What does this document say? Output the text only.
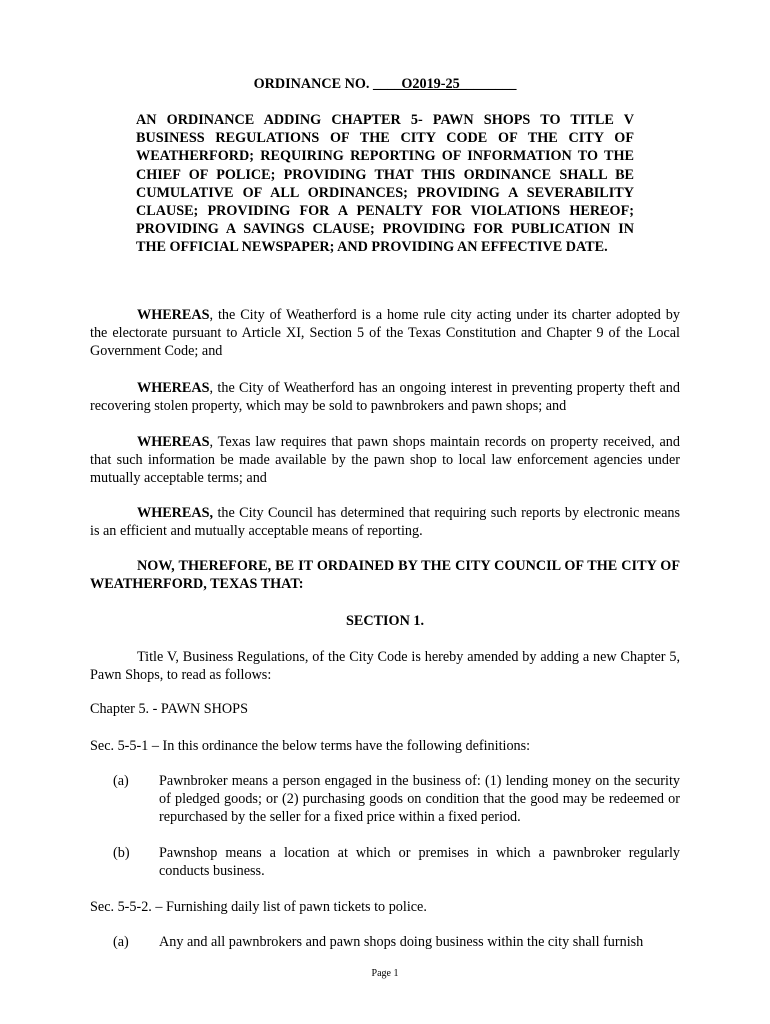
ORDINANCE NO. ____O2019-25________

AN ORDINANCE ADDING CHAPTER 5- PAWN SHOPS TO TITLE V BUSINESS REGULATIONS OF THE CITY CODE OF THE CITY OF WEATHERFORD; REQUIRING REPORTING OF INFORMATION TO THE CHIEF OF POLICE; PROVIDING THAT THIS ORDINANCE SHALL BE CUMULATIVE OF ALL ORDINANCES; PROVIDING A SEVERABILITY CLAUSE; PROVIDING FOR A PENALTY FOR VIOLATIONS HEREOF; PROVIDING A SAVINGS CLAUSE; PROVIDING FOR PUBLICATION IN THE OFFICIAL NEWSPAPER; AND PROVIDING AN EFFECTIVE DATE.

WHEREAS, the City of Weatherford is a home rule city acting under its charter adopted by the electorate pursuant to Article XI, Section 5 of the Texas Constitution and Chapter 9 of the Local Government Code; and

WHEREAS, the City of Weatherford has an ongoing interest in preventing property theft and recovering stolen property, which may be sold to pawnbrokers and pawn shops; and

WHEREAS, Texas law requires that pawn shops maintain records on property received, and that such information be made available by the pawn shop to local law enforcement agencies under mutually acceptable terms; and

WHEREAS, the City Council has determined that requiring such reports by electronic means is an efficient and mutually acceptable means of reporting.

NOW, THEREFORE, BE IT ORDAINED BY THE CITY COUNCIL OF THE CITY OF WEATHERFORD, TEXAS THAT:

SECTION 1.

Title V, Business Regulations, of the City Code is hereby amended by adding a new Chapter 5, Pawn Shops, to read as follows:

Chapter 5. - PAWN SHOPS

Sec. 5-5-1 – In this ordinance the below terms have the following definitions:

(a) Pawnbroker means a person engaged in the business of: (1) lending money on the security of pledged goods; or (2) purchasing goods on condition that the good may be redeemed or repurchased by the seller for a fixed price within a fixed period.

(b) Pawnshop means a location at which or premises in which a pawnbroker regularly conducts business.

Sec. 5-5-2. – Furnishing daily list of pawn tickets to police.

(a) Any and all pawnbrokers and pawn shops doing business within the city shall furnish

Page 1
